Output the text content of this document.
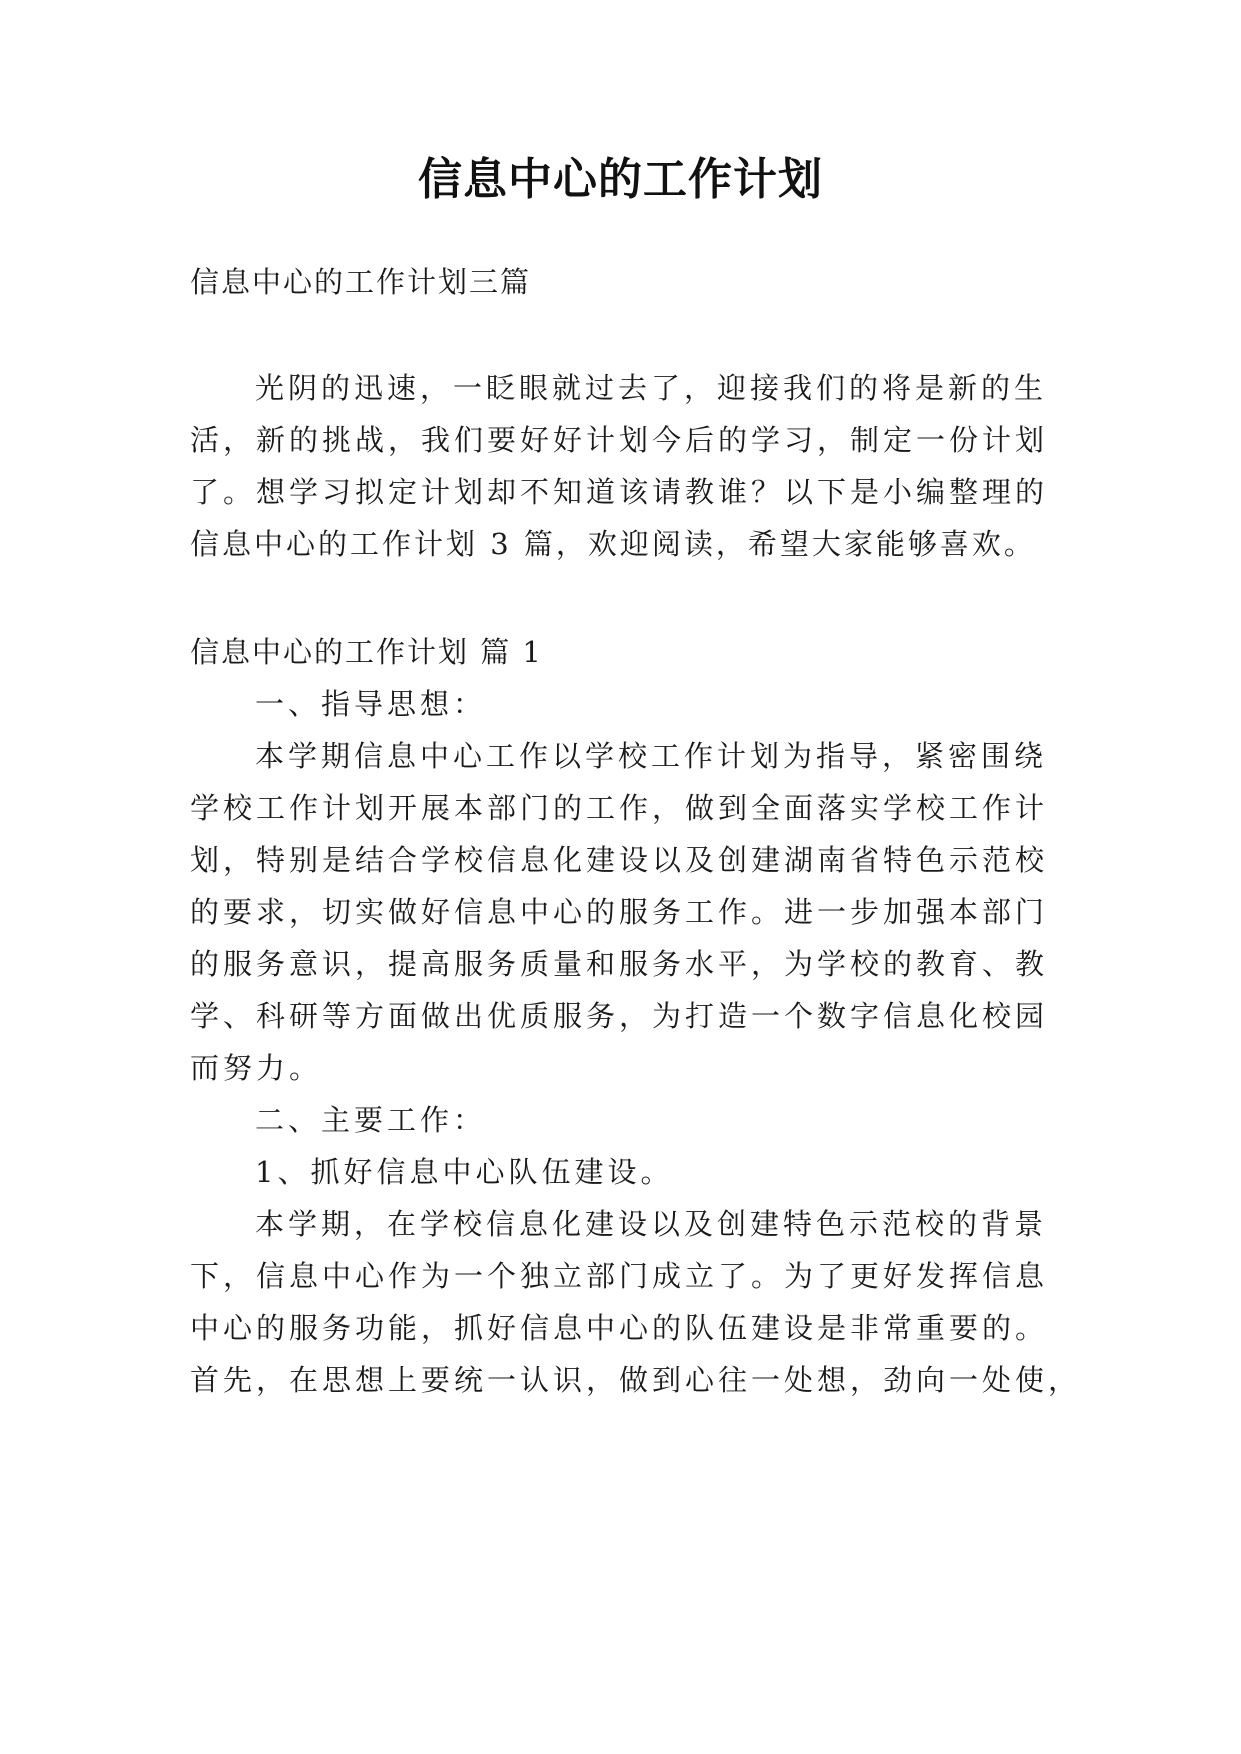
信息中心的工作计划
信息中心的工作计划三篇
光阴的迅速，一眨眼就过去了，迎接我们的将是新的生
活，新的挑战，我们要好好计划今后的学习，制定一份计划
了。想学习拟定计划却不知道该请教谁？以下是小编整理的
信息中心的工作计划 3 篇，欢迎阅读，希望大家能够喜欢。
信息中心的工作计划 篇 1
一、指导思想：
本学期信息中心工作以学校工作计划为指导，紧密围绕
学校工作计划开展本部门的工作，做到全面落实学校工作计
划，特别是结合学校信息化建设以及创建湖南省特色示范校
的要求，切实做好信息中心的服务工作。进一步加强本部门
的服务意识，提高服务质量和服务水平，为学校的教育、教
学、科研等方面做出优质服务，为打造一个数字信息化校园
而努力。
二、主要工作：
1、抓好信息中心队伍建设。
本学期，在学校信息化建设以及创建特色示范校的背景
下，信息中心作为一个独立部门成立了。为了更好发挥信息
中心的服务功能，抓好信息中心的队伍建设是非常重要的。
首先，在思想上要统一认识，做到心往一处想，劲向一处使，
